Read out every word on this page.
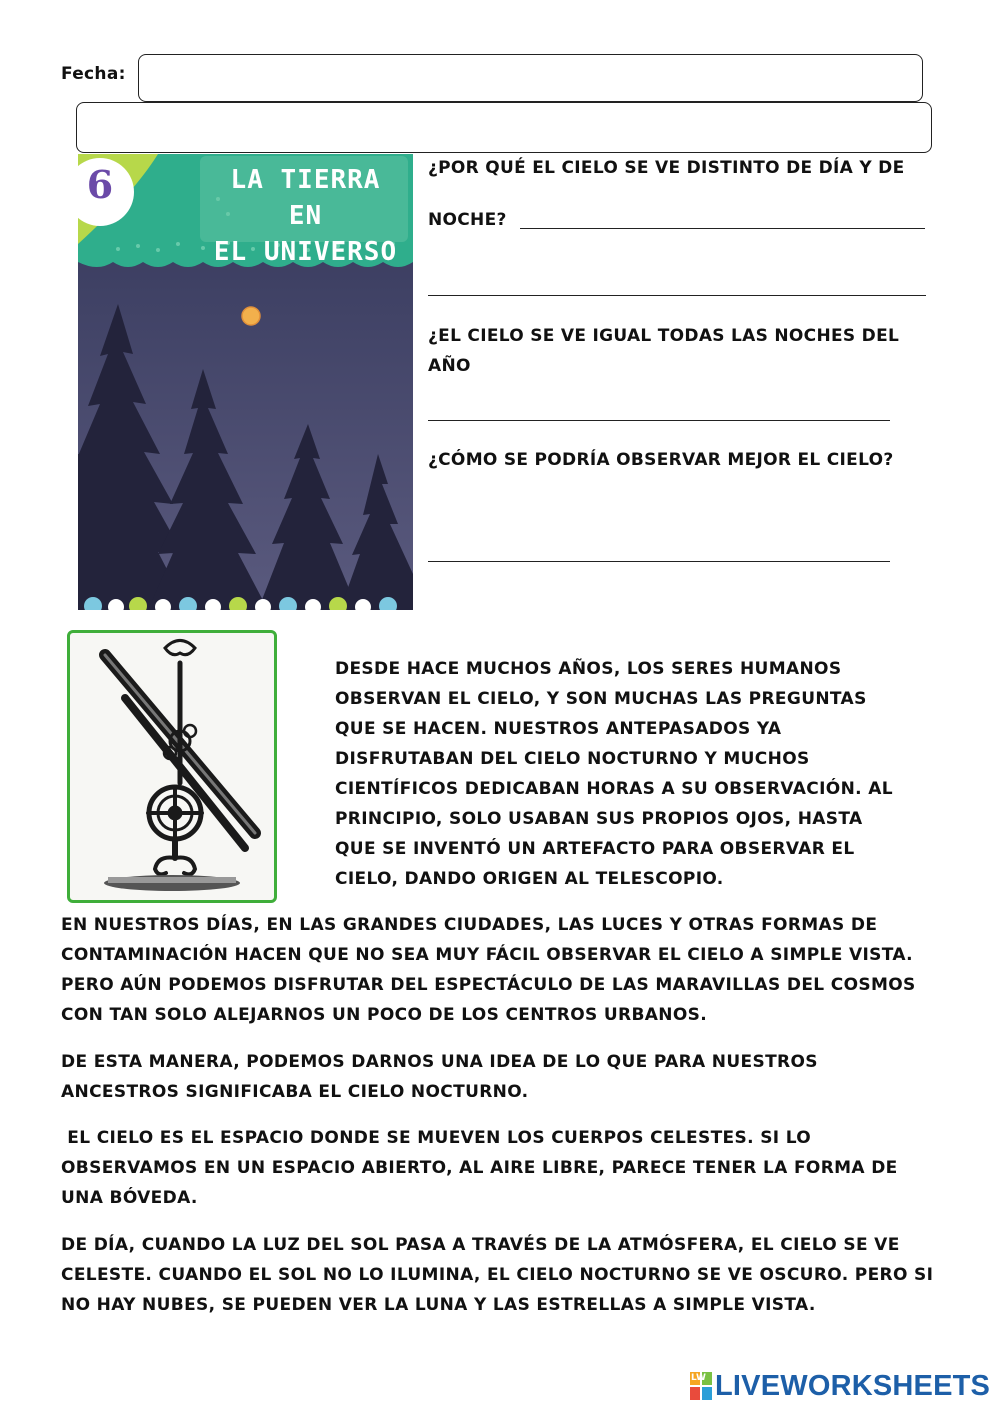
Fecha:
6	LA TIERRA EN
EL UNIVERSO
¿POR QUÉ EL CIELO SE VE DISTINTO DE DÍA Y DE
NOCHE?
¿EL CIELO SE VE IGUAL TODAS LAS NOCHES DEL AÑO
¿CÓMO SE PODRÍA OBSERVAR MEJOR EL CIELO?
DESDE HACE MUCHOS AÑOS, LOS SERES HUMANOS
OBSERVAN EL CIELO, Y SON MUCHAS LAS PREGUNTAS
QUE SE HACEN. NUESTROS ANTEPASADOS YA
DISFRUTABAN DEL CIELO NOCTURNO Y MUCHOS
CIENTÍFICOS DEDICABAN HORAS A SU OBSERVACIÓN. AL
PRINCIPIO, SOLO USABAN SUS PROPIOS OJOS, HASTA
QUE SE INVENTÓ UN ARTEFACTO PARA OBSERVAR EL
CIELO, DANDO ORIGEN AL TELESCOPIO.
EN NUESTROS DÍAS, EN LAS GRANDES CIUDADES, LAS LUCES Y OTRAS FORMAS DE CONTAMINACIÓN HACEN QUE NO SEA MUY FÁCIL OBSERVAR EL CIELO A SIMPLE VISTA. PERO AÚN PODEMOS DISFRUTAR DEL ESPECTÁCULO DE LAS MARAVILLAS DEL COSMOS CON TAN SOLO ALEJARNOS UN POCO DE LOS CENTROS URBANOS.
DE ESTA MANERA, PODEMOS DARNOS UNA IDEA DE LO QUE PARA NUESTROS ANCESTROS SIGNIFICABA EL CIELO NOCTURNO.
EL CIELO ES EL ESPACIO DONDE SE MUEVEN LOS CUERPOS CELESTES. SI LO OBSERVAMOS EN UN ESPACIO ABIERTO, AL AIRE LIBRE, PARECE TENER LA FORMA DE UNA BÓVEDA.
DE DÍA, CUANDO LA LUZ DEL SOL PASA A TRAVÉS DE LA ATMÓSFERA, EL CIELO SE VE CELESTE. CUANDO EL SOL NO LO ILUMINA, EL CIELO NOCTURNO SE VE OSCURO. PERO SI NO HAY NUBES, SE PUEDEN VER LA LUNA Y LAS ESTRELLAS A SIMPLE VISTA.
LW LIVEWORKSHEETS
